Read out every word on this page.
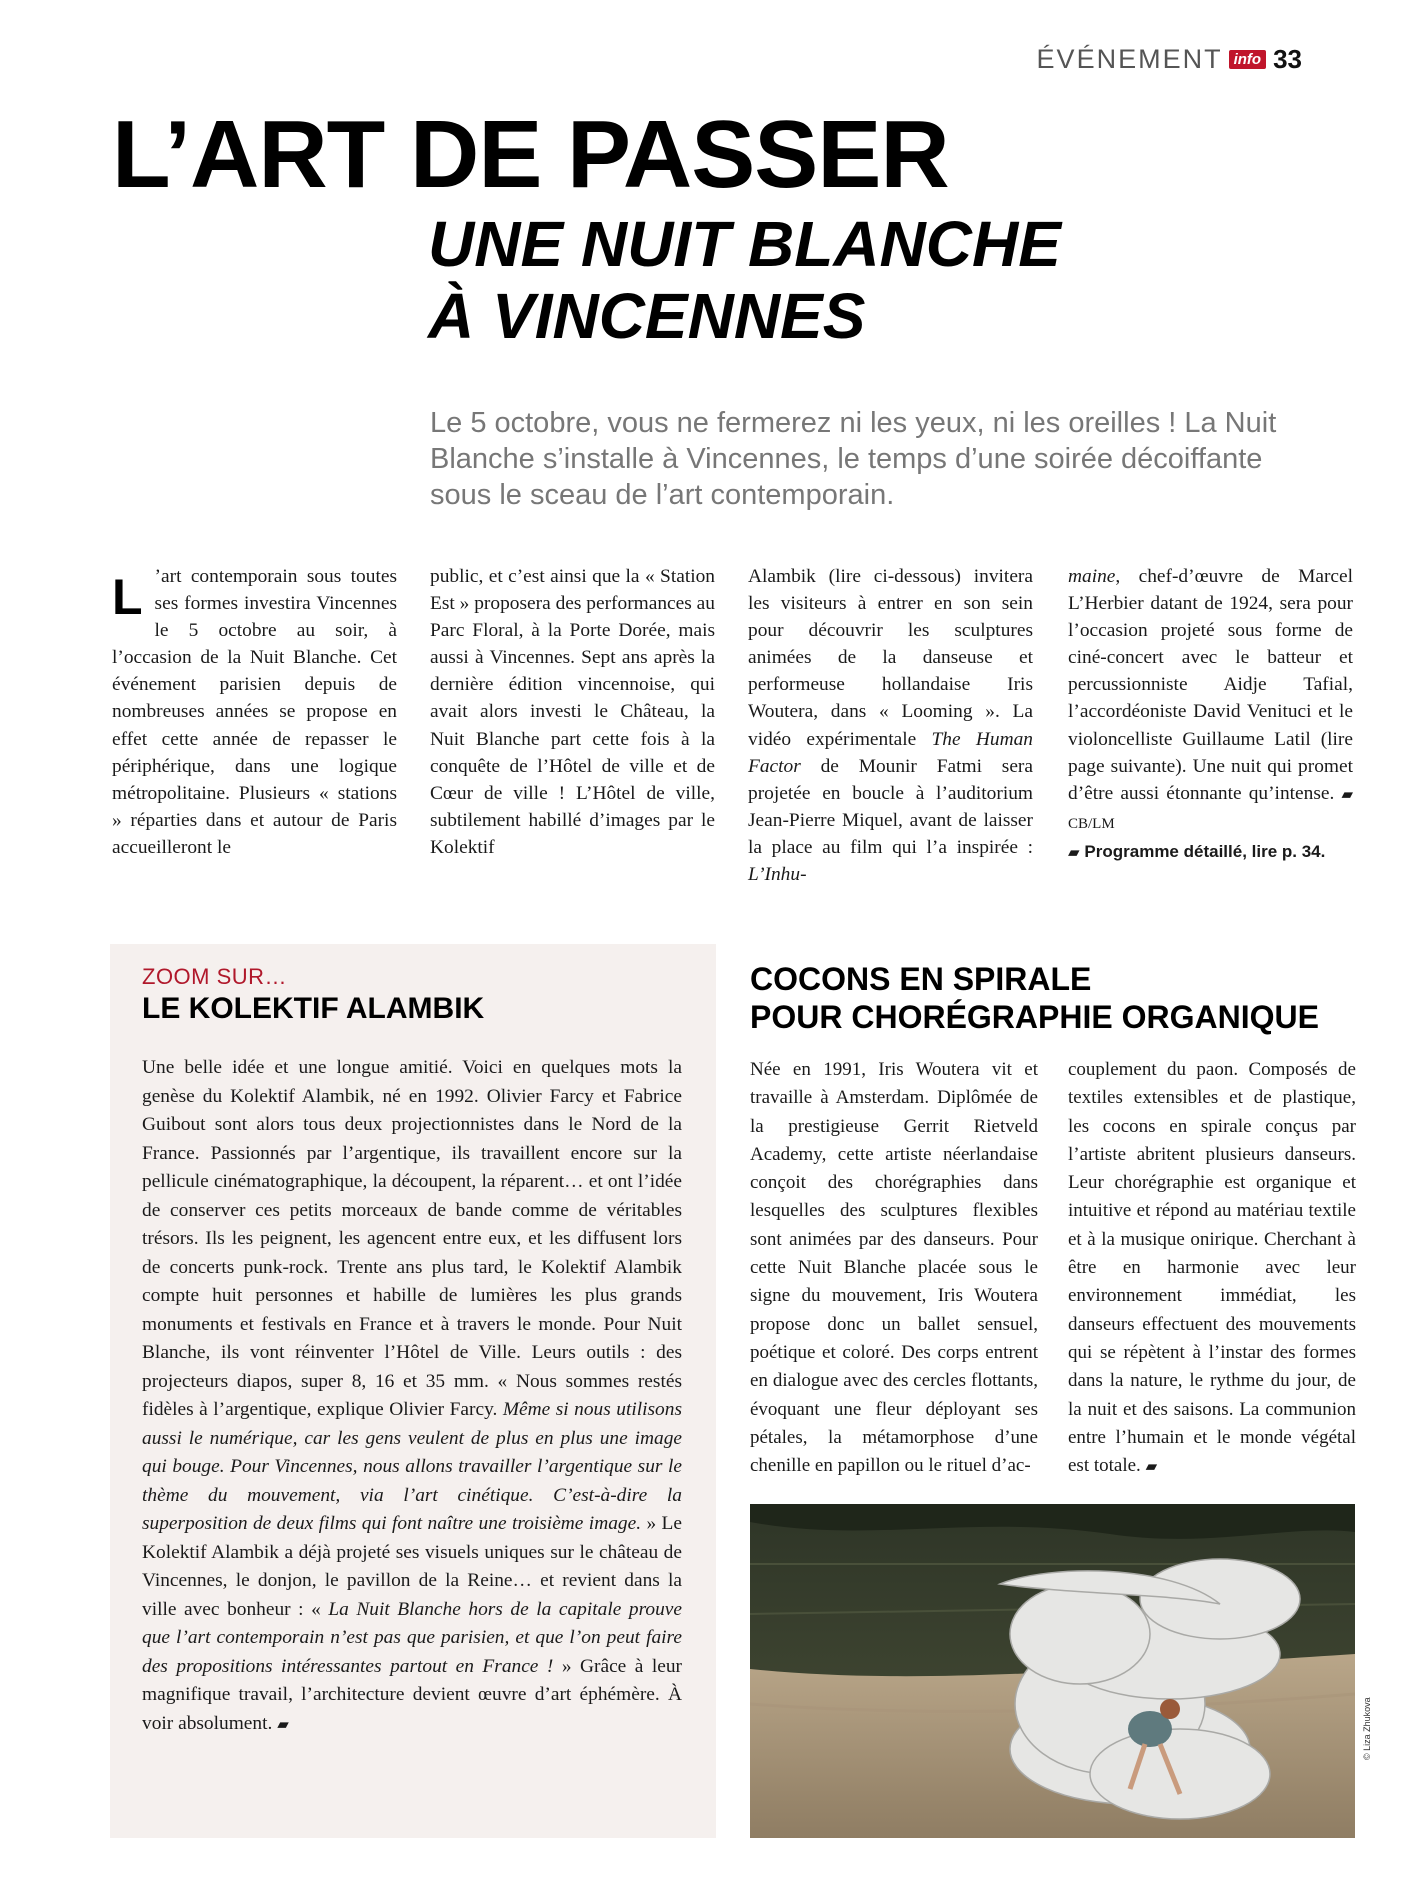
ÉVÉNEMENT info 33
L’ART DE PASSER
UNE NUIT BLANCHE
À VINCENNES
Le 5 octobre, vous ne fermerez ni les yeux, ni les oreilles ! La Nuit Blanche s’installe à Vincennes, le temps d’une soirée décoiffante sous le sceau de l’art contemporain.
L ’art contemporain sous toutes ses formes investira Vincennes le 5 octobre au soir, à l’occasion de la Nuit Blanche. Cet événement parisien depuis de nombreuses années se propose en effet cette année de repasser le périphérique, dans une logique métropolitaine. Plusieurs « stations » réparties dans et autour de Paris accueilleront le
public, et c’est ainsi que la « Station Est » proposera des performances au Parc Floral, à la Porte Dorée, mais aussi à Vincennes. Sept ans après la dernière édition vincennoise, qui avait alors investi le Château, la Nuit Blanche part cette fois à la conquête de l’Hôtel de ville et de Cœur de ville ! L’Hôtel de ville, subtilement habillé d’images par le Kolektif
Alambik (lire ci-dessous) invitera les visiteurs à entrer en son sein pour découvrir les sculptures animées de la danseuse et performeuse hollandaise Iris Woutera, dans « Looming ». La vidéo expérimentale The Human Factor de Mounir Fatmi sera projetée en boucle à l’auditorium Jean-Pierre Miquel, avant de laisser la place au film qui l’a inspirée : L’Inhu-
maine, chef-d’œuvre de Marcel L’Herbier datant de 1924, sera pour l’occasion projeté sous forme de ciné-concert avec le batteur et percussionniste Aidje Tafial, l’accordéoniste David Venituci et le violoncelliste Guillaume Latil (lire page suivante). Une nuit qui promet d’être aussi étonnante qu’intense. ▰ CB/LM
▰ Programme détaillé, lire p. 34.
ZOOM SUR…
LE KOLEKTIF ALAMBIK
Une belle idée et une longue amitié. Voici en quelques mots la genèse du Kolektif Alambik, né en 1992. Olivier Farcy et Fabrice Guibout sont alors tous deux projectionnistes dans le Nord de la France. Passionnés par l’argentique, ils travaillent encore sur la pellicule cinématographique, la découpent, la réparent… et ont l’idée de conserver ces petits morceaux de bande comme de véritables trésors. Ils les peignent, les agencent entre eux, et les diffusent lors de concerts punk-rock. Trente ans plus tard, le Kolektif Alambik compte huit personnes et habille de lumières les plus grands monuments et festivals en France et à travers le monde. Pour Nuit Blanche, ils vont réinventer l’Hôtel de Ville. Leurs outils : des projecteurs diapos, super 8, 16 et 35 mm. « Nous sommes restés fidèles à l’argentique, explique Olivier Farcy. Même si nous utilisons aussi le numérique, car les gens veulent de plus en plus une image qui bouge. Pour Vincennes, nous allons travailler l’argentique sur le thème du mouvement, via l’art cinétique. C’est-à-dire la superposition de deux films qui font naître une troisième image. » Le Kolektif Alambik a déjà projeté ses visuels uniques sur le château de Vincennes, le donjon, le pavillon de la Reine… et revient dans la ville avec bonheur : « La Nuit Blanche hors de la capitale prouve que l’art contemporain n’est pas que parisien, et que l’on peut faire des propositions intéressantes partout en France ! » Grâce à leur magnifique travail, l’architecture devient œuvre d’art éphémère. À voir absolument. ▰
COCONS EN SPIRALE
POUR CHORÉGRAPHIE ORGANIQUE
Née en 1991, Iris Woutera vit et travaille à Amsterdam. Diplômée de la prestigieuse Gerrit Rietveld Academy, cette artiste néerlandaise conçoit des chorégraphies dans lesquelles des sculptures flexibles sont animées par des danseurs. Pour cette Nuit Blanche placée sous le signe du mouvement, Iris Woutera propose donc un ballet sensuel, poétique et coloré. Des corps entrent en dialogue avec des cercles flottants, évoquant une fleur déployant ses pétales, la métamorphose d’une chenille en papillon ou le rituel d’ac-
couplement du paon. Composés de textiles extensibles et de plastique, les cocons en spirale conçus par l’artiste abritent plusieurs danseurs. Leur chorégraphie est organique et intuitive et répond au matériau textile et à la musique onirique. Cherchant à être en harmonie avec leur environnement immédiat, les danseurs effectuent des mouvements qui se répètent à l’instar des formes dans la nature, le rythme du jour, de la nuit et des saisons. La communion entre l’humain et le monde végétal est totale. ▰
© Liza Zhukova
